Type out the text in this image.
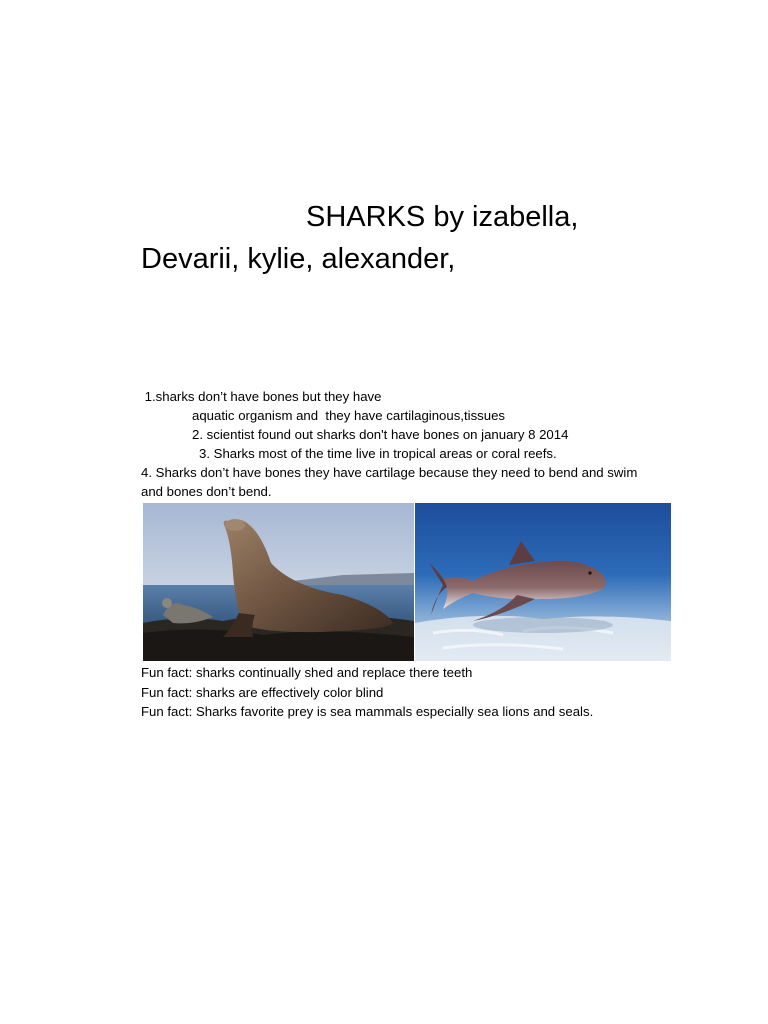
SHARKS by izabella,
Devarii, kylie, alexander,
1.sharks don’t have bones but they have
aquatic organism and  they have cartilaginous,tissues
2. scientist found out sharks don't have bones on january 8 2014
3. Sharks most of the time live in tropical areas or coral reefs.
4. Sharks don’t have bones they have cartilage because they need to bend and swim
and bones don’t bend.
Fun fact: sharks continually shed and replace there teeth
Fun fact: sharks are effectively color blind
Fun fact: Sharks favorite prey is sea mammals especially sea lions and seals.
